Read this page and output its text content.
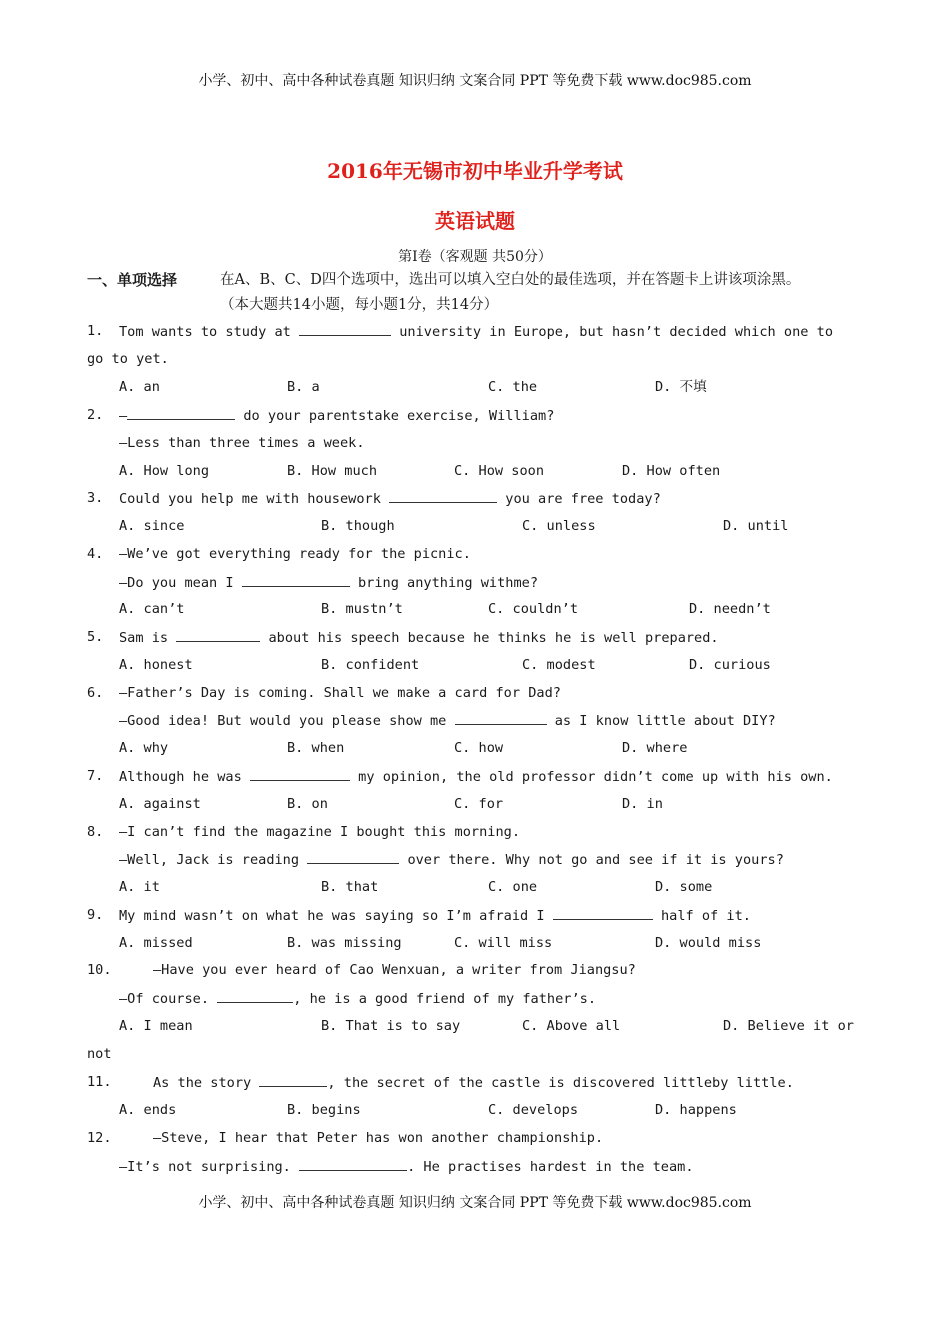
小学、初中、高中各种试卷真题 知识归纳 文案合同 PPT 等免费下载 www.doc985.com
2016年无锡市初中毕业升学考试
英语试题
第Ⅰ卷（客观题 共50分）
一、单项选择	在A、B、C、D四个选项中，选出可以填入空白处的最佳选项，并在答题卡上讲该项涂黑。
（本大题共14小题，每小题1分，共14分）
1. Tom wants to study at	university in Europe, but hasn’t decided which one to
go to yet.
A. an	B. a	C. the	D. 不填
2. —	do your parentstake exercise, William?
—Less than three times a week.
A. How long	B. How much	C. How soon	D. How often
3. Could you help me with housework	you are free today?
A. since	B. though	C. unless	D. until
4. —We’ve got everything ready for the picnic.
—Do you mean I	bring anything withme?
A. can’t	B. mustn’t	C. couldn’t	D. needn’t
5. Sam is	about his speech because he thinks he is well prepared.
A. honest	B. confident	C. modest	D. curious
6. —Father’s Day is coming. Shall we make a card for Dad?
—Good idea! But would you please show me	as I know little about DIY?
A. why	B. when	C. how	D. where
7. Although he was	my opinion, the old professor didn’t come up with his own.
A. against	B. on	C. for	D. in
8. —I can’t find the magazine I bought this morning.
—Well, Jack is reading	over there. Why not go and see if it is yours?
A. it	B. that	C. one	D. some
9. My mind wasn’t on what he was saying so I’m afraid I	half of it.
A. missed	B. was missing	C. will miss	D. would miss
10.	—Have you ever heard of Cao Wenxuan, a writer from Jiangsu?
—Of course.	, he is a good friend of my father’s.
A. I mean	B. That is to say	C. Above all	D. Believe it or
not
11.	As the story	, the secret of the castle is discovered littleby little.
A. ends	B. begins	C. develops	D. happens
12.	—Steve, I hear that Peter has won another championship.
—It’s not surprising.	. He practises hardest in the team.
小学、初中、高中各种试卷真题 知识归纳 文案合同 PPT 等免费下载 www.doc985.com
